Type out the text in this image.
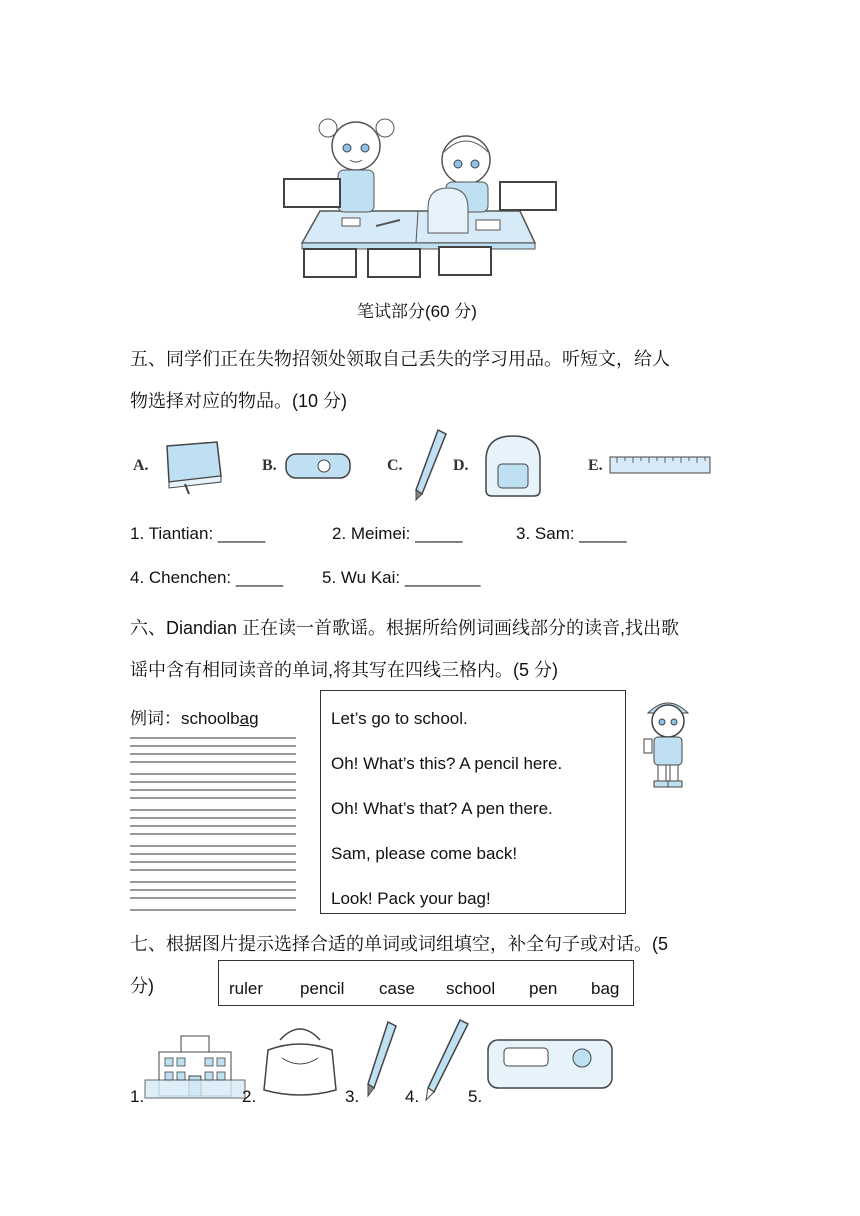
笔试部分(60 分)
五、同学们正在失物招领处领取自己丢失的学习用品。听短文，给人
物选择对应的物品。(10 分)
A.	B.	C.	D.	E.
1. Tiantian: _____	2. Meimei: _____	3. Sam: _____
4. Chenchen: _____ 5. Wu Kai: ________
六、Diandian 正在读一首歌谣。根据所给例词画线部分的读音,找出歌
谣中含有相同读音的单词,将其写在四线三格内。(5 分)
例词：schoolbag	Let’s go to school.
Oh! What’s this? A pencil here.
Oh! What’s that? A pen there.
Sam, please come back!
Look! Pack your bag!
七、根据图片提示选择合适的单词或词组填空，补全句子或对话。(5
分)	ruler pencil case school pen bag
1.	2.	3.	4.	5.
